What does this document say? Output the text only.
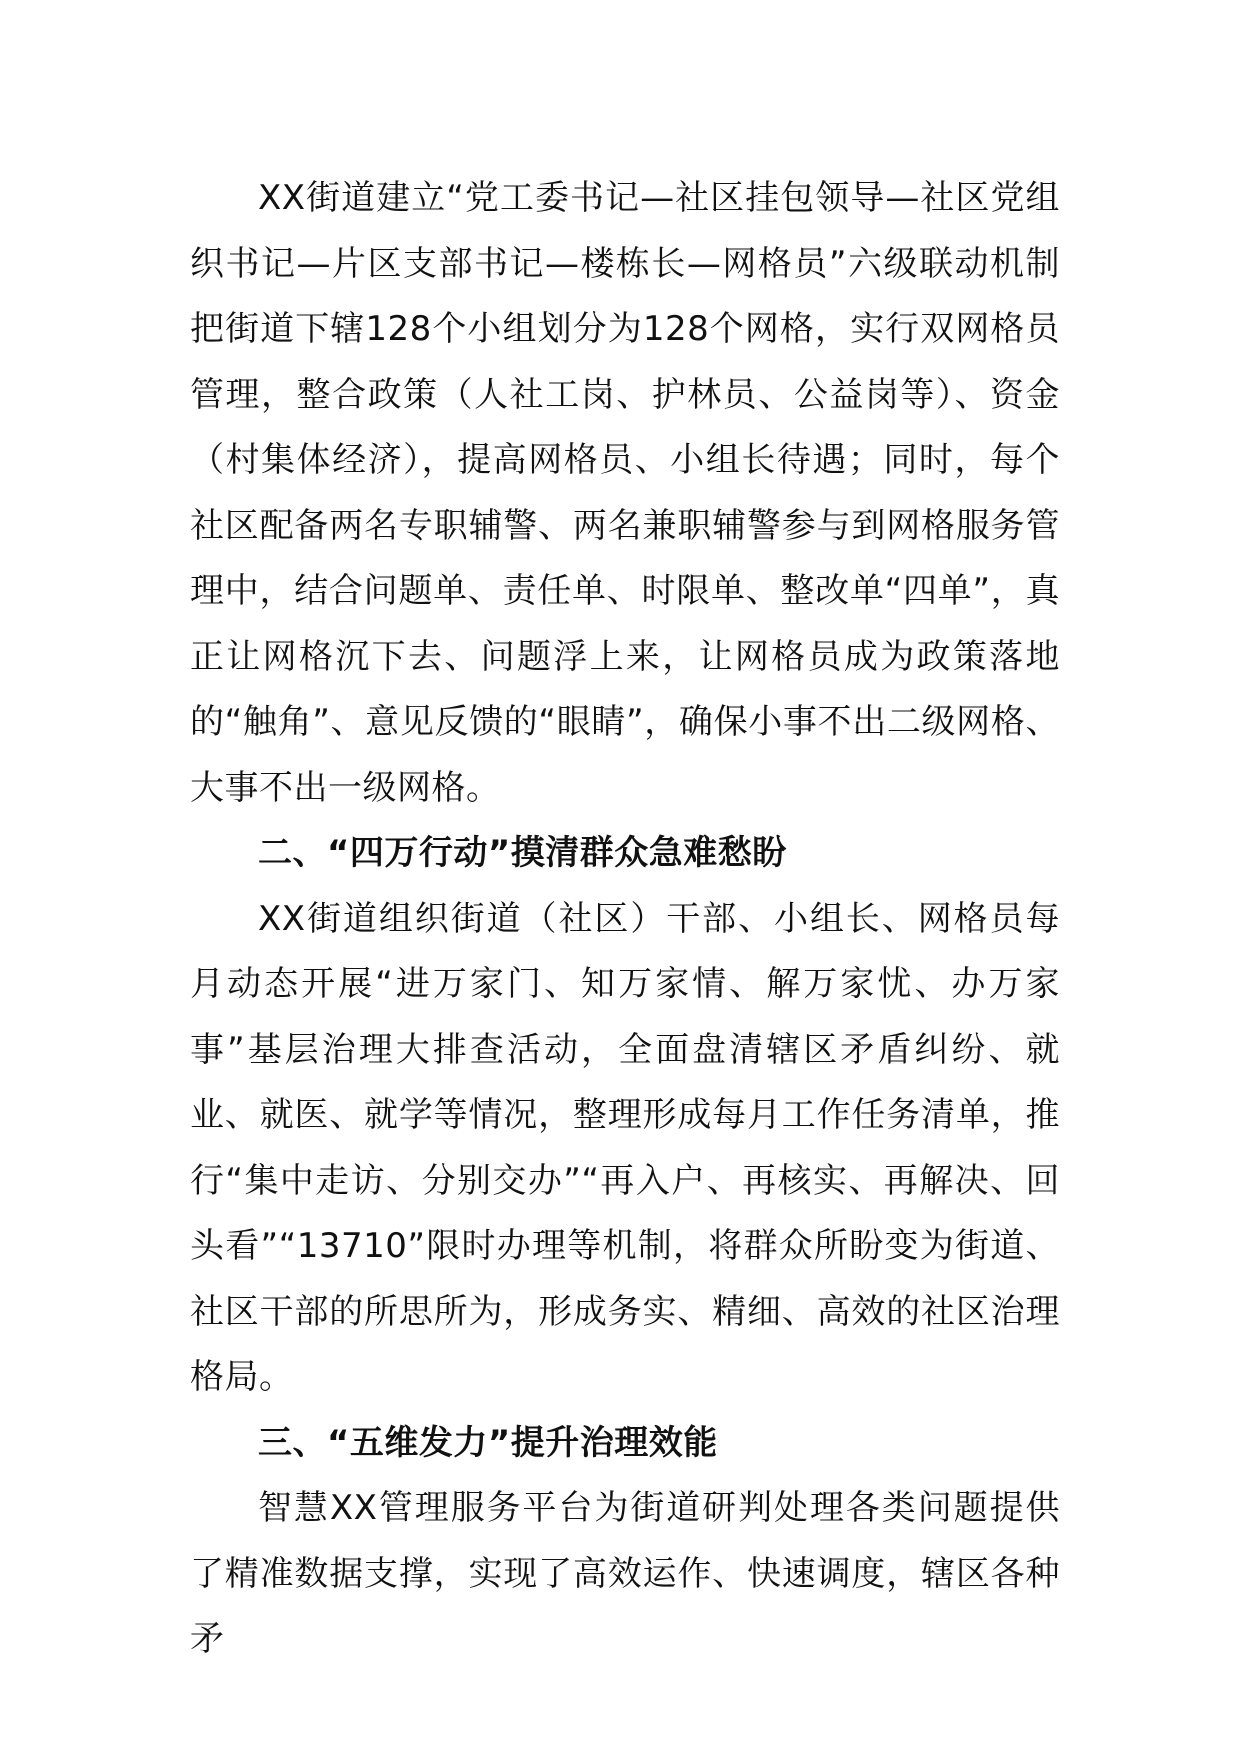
XX街道建立“党工委书记—社区挂包领导—社区党组织书记—片区支部书记—楼栋长—网格员”六级联动机制把街道下辖128个小组划分为128个网格，实行双网格员管理，整合政策（人社工岗、护林员、公益岗等）、资金（村集体经济），提高网格员、小组长待遇；同时，每个社区配备两名专职辅警、两名兼职辅警参与到网格服务管理中，结合问题单、责任单、时限单、整改单“四单”，真正让网格沉下去、问题浮上来，让网格员成为政策落地的“触角”、意见反馈的“眼睛”，确保小事不出二级网格、大事不出一级网格。

二、“四万行动”摸清群众急难愁盼

XX街道组织街道（社区）干部、小组长、网格员每月动态开展“进万家门、知万家情、解万家忧、办万家事”基层治理大排查活动，全面盘清辖区矛盾纠纷、就业、就医、就学等情况，整理形成每月工作任务清单，推行“集中走访、分别交办”“再入户、再核实、再解决、回头看”“13710”限时办理等机制，将群众所盼变为街道、社区干部的所思所为，形成务实、精细、高效的社区治理格局。

三、“五维发力”提升治理效能

智慧XX管理服务平台为街道研判处理各类问题提供了精准数据支撑，实现了高效运作、快速调度，辖区各种矛
